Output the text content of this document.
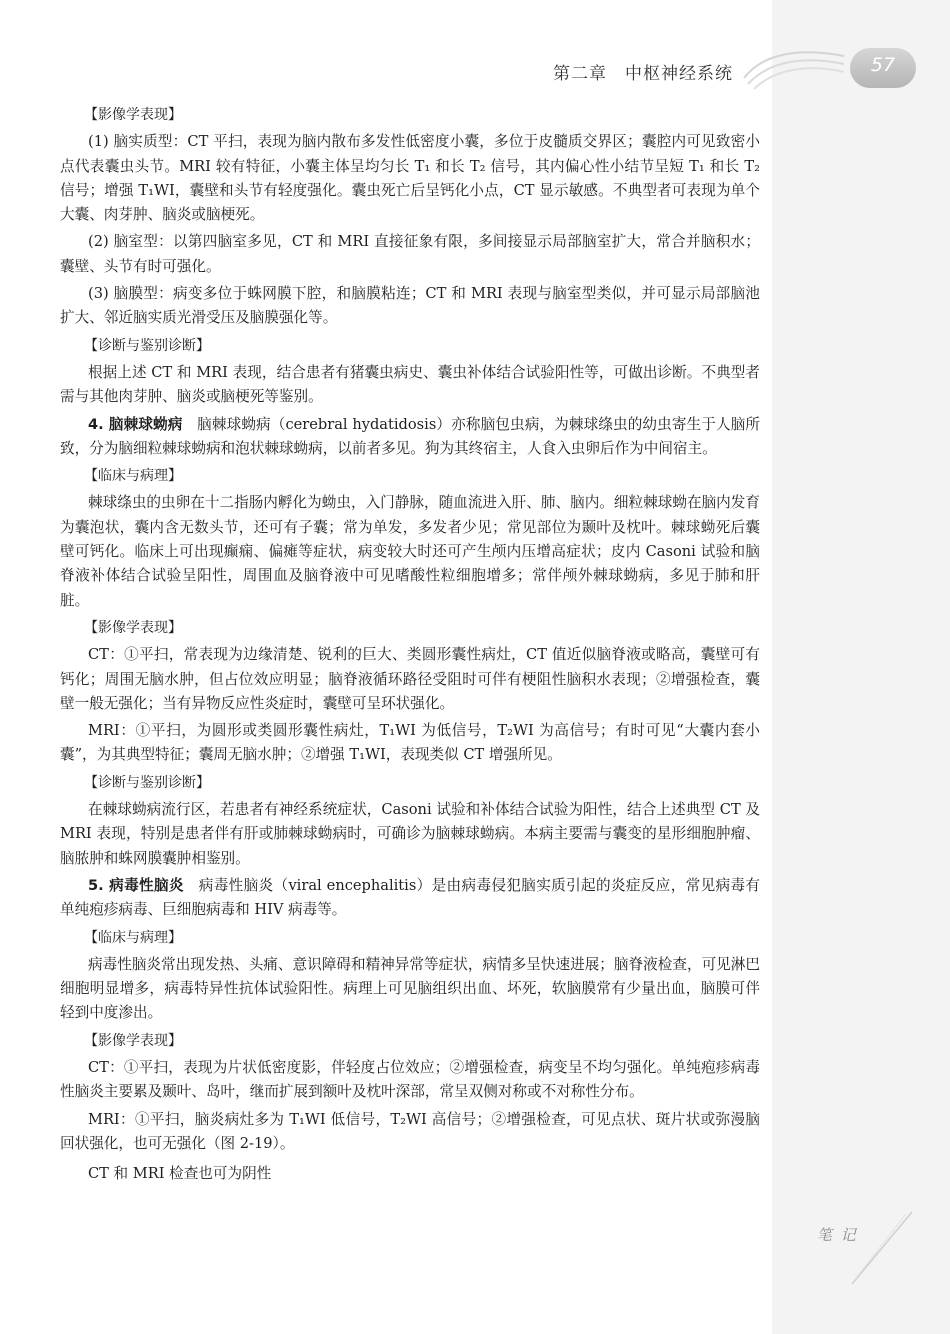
第二章　中枢神经系统	57

【影像学表现】

(1) 脑实质型：CT 平扫，表现为脑内散布多发性低密度小囊，多位于皮髓质交界区；囊腔内可见致密小点代表囊虫头节。MRI 较有特征，小囊主体呈均匀长 T₁ 和长 T₂ 信号，其内偏心性小结节呈短 T₁ 和长 T₂ 信号；增强 T₁WI，囊壁和头节有轻度强化。囊虫死亡后呈钙化小点，CT 显示敏感。不典型者可表现为单个大囊、肉芽肿、脑炎或脑梗死。

(2) 脑室型：以第四脑室多见，CT 和 MRI 直接征象有限，多间接显示局部脑室扩大，常合并脑积水；囊壁、头节有时可强化。

(3) 脑膜型：病变多位于蛛网膜下腔，和脑膜粘连；CT 和 MRI 表现与脑室型类似，并可显示局部脑池扩大、邻近脑实质光滑受压及脑膜强化等。

【诊断与鉴别诊断】

根据上述 CT 和 MRI 表现，结合患者有猪囊虫病史、囊虫补体结合试验阳性等，可做出诊断。不典型者需与其他肉芽肿、脑炎或脑梗死等鉴别。

4. 脑棘球蚴病　脑棘球蚴病（cerebral hydatidosis）亦称脑包虫病，为棘球绦虫的幼虫寄生于人脑所致，分为脑细粒棘球蚴病和泡状棘球蚴病，以前者多见。狗为其终宿主，人食入虫卵后作为中间宿主。

【临床与病理】

棘球绦虫的虫卵在十二指肠内孵化为蚴虫，入门静脉，随血流进入肝、肺、脑内。细粒棘球蚴在脑内发育为囊泡状，囊内含无数头节，还可有子囊；常为单发，多发者少见；常见部位为颞叶及枕叶。棘球蚴死后囊壁可钙化。临床上可出现癫痫、偏瘫等症状，病变较大时还可产生颅内压增高症状；皮内 Casoni 试验和脑脊液补体结合试验呈阳性，周围血及脑脊液中可见嗜酸性粒细胞增多；常伴颅外棘球蚴病，多见于肺和肝脏。

【影像学表现】

CT：①平扫，常表现为边缘清楚、锐利的巨大、类圆形囊性病灶，CT 值近似脑脊液或略高，囊壁可有钙化；周围无脑水肿，但占位效应明显；脑脊液循环路径受阻时可伴有梗阻性脑积水表现；②增强检查，囊壁一般无强化；当有异物反应性炎症时，囊壁可呈环状强化。

MRI：①平扫，为圆形或类圆形囊性病灶，T₁WI 为低信号，T₂WI 为高信号；有时可见“大囊内套小囊”，为其典型特征；囊周无脑水肿；②增强 T₁WI，表现类似 CT 增强所见。

【诊断与鉴别诊断】

在棘球蚴病流行区，若患者有神经系统症状，Casoni 试验和补体结合试验为阳性，结合上述典型 CT 及 MRI 表现，特别是患者伴有肝或肺棘球蚴病时，可确诊为脑棘球蚴病。本病主要需与囊变的星形细胞肿瘤、脑脓肿和蛛网膜囊肿相鉴别。

5. 病毒性脑炎　病毒性脑炎（viral encephalitis）是由病毒侵犯脑实质引起的炎症反应，常见病毒有单纯疱疹病毒、巨细胞病毒和 HIV 病毒等。

【临床与病理】

病毒性脑炎常出现发热、头痛、意识障碍和精神异常等症状，病情多呈快速进展；脑脊液检查，可见淋巴细胞明显增多，病毒特异性抗体试验阳性。病理上可见脑组织出血、坏死，软脑膜常有少量出血，脑膜可伴轻到中度渗出。

【影像学表现】

CT：①平扫，表现为片状低密度影，伴轻度占位效应；②增强检查，病变呈不均匀强化。单纯疱疹病毒性脑炎主要累及颞叶、岛叶，继而扩展到额叶及枕叶深部，常呈双侧对称或不对称性分布。

MRI：①平扫，脑炎病灶多为 T₁WI 低信号，T₂WI 高信号；②增强检查，可见点状、斑片状或弥漫脑回状强化，也可无强化（图 2-19）。

CT 和 MRI 检查也可为阴性

笔 记
